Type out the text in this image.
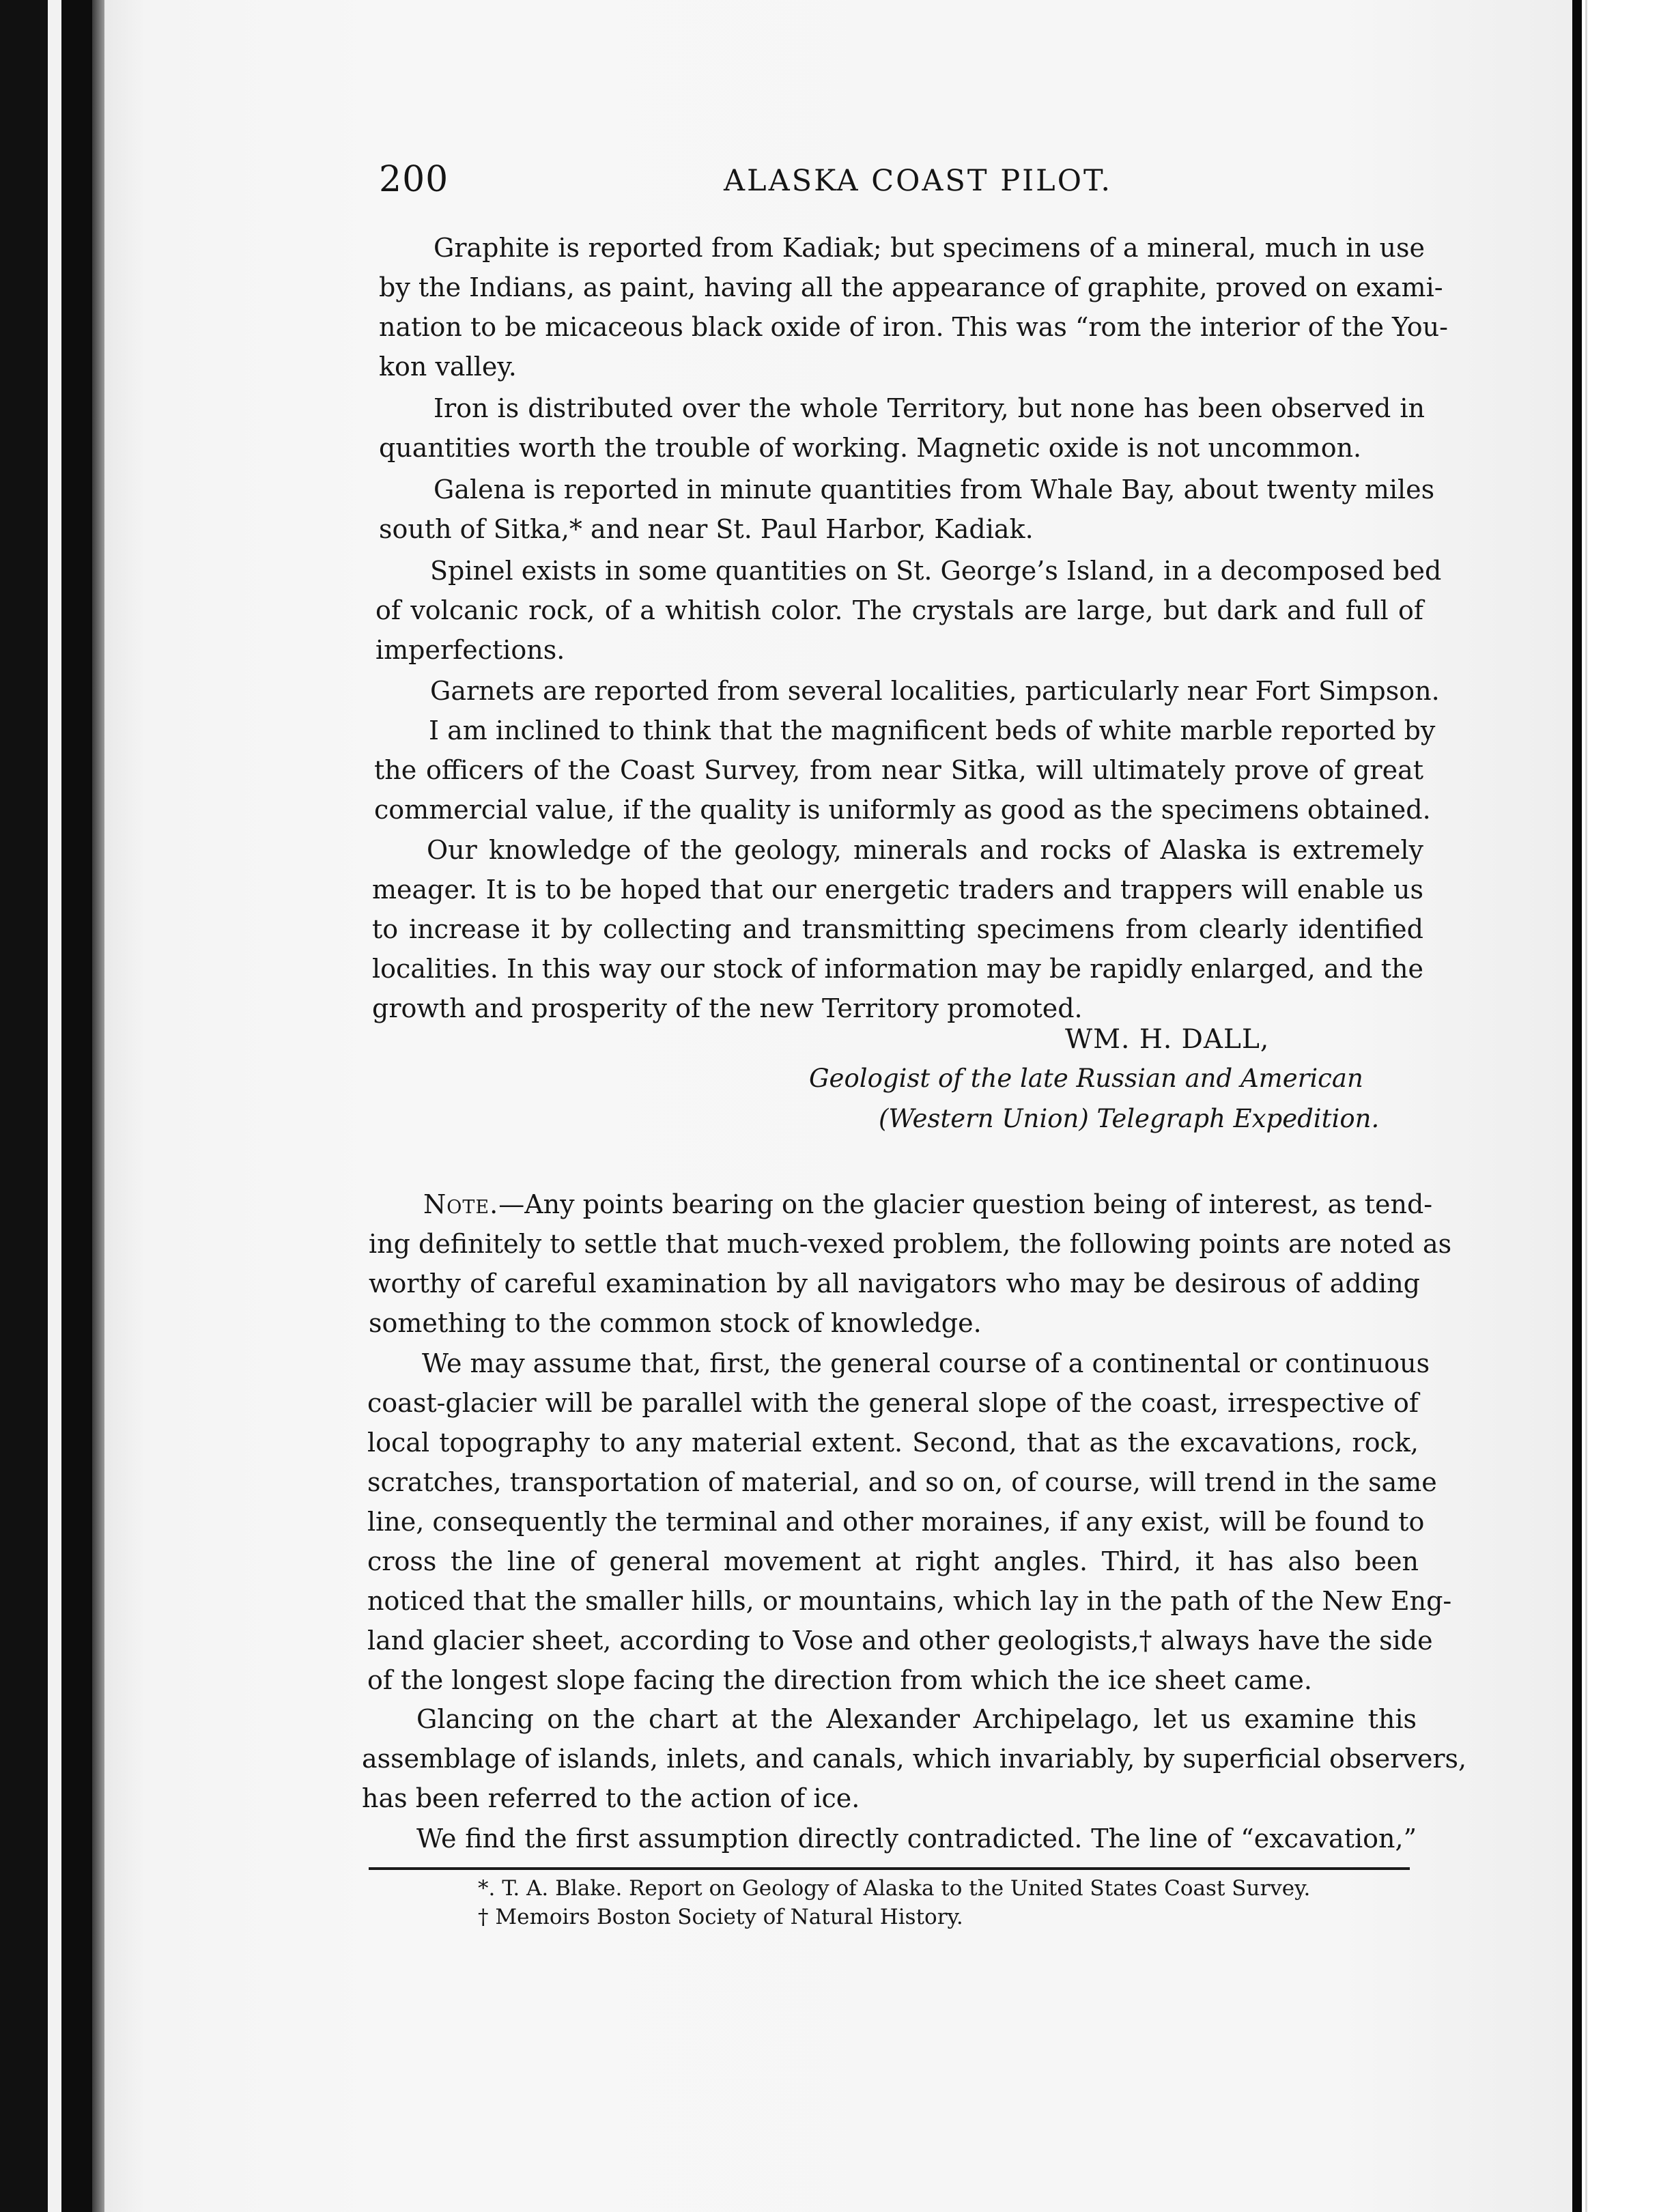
200	ALASKA COAST PILOT.
Graphite is reported from Kadiak; but specimens of a mineral, much in use
by the Indians, as paint, having all the appearance of graphite, proved on exami-
nation to be micaceous black oxide of iron. This was “rom the interior of the You-
kon valley.
Iron is distributed over the whole Territory, but none has been observed in
quantities worth the trouble of working. Magnetic oxide is not uncommon.
Galena is reported in minute quantities from Whale Bay, about twenty miles
south of Sitka,* and near St. Paul Harbor, Kadiak.
Spinel exists in some quantities on St. George’s Island, in a decomposed bed
of volcanic rock, of a whitish color. The crystals are large, but dark and full of
imperfections.
Garnets are reported from several localities, particularly near Fort Simpson.
I am inclined to think that the magnificent beds of white marble reported by
the officers of the Coast Survey, from near Sitka, will ultimately prove of great
commercial value, if the quality is uniformly as good as the specimens obtained.
Our knowledge of the geology, minerals and rocks of Alaska is extremely
meager. It is to be hoped that our energetic traders and trappers will enable us
to increase it by collecting and transmitting specimens from clearly identified
localities. In this way our stock of information may be rapidly enlarged, and the
growth and prosperity of the new Territory promoted.
WM. H. DALL,
Geologist of the late Russian and American
(Western Union) Telegraph Expedition.
Note.—Any points bearing on the glacier question being of interest, as tend-
ing definitely to settle that much-vexed problem, the following points are noted as
worthy of careful examination by all navigators who may be desirous of adding
something to the common stock of knowledge.
We may assume that, first, the general course of a continental or continuous
coast-glacier will be parallel with the general slope of the coast, irrespective of
local topography to any material extent. Second, that as the excavations, rock,
scratches, transportation of material, and so on, of course, will trend in the same
line, consequently the terminal and other moraines, if any exist, will be found to
cross the line of general movement at right angles. Third, it has also been
noticed that the smaller hills, or mountains, which lay in the path of the New Eng-
land glacier sheet, according to Vose and other geologists,† always have the side
of the longest slope facing the direction from which the ice sheet came.
Glancing on the chart at the Alexander Archipelago, let us examine this
assemblage of islands, inlets, and canals, which invariably, by superficial observers,
has been referred to the action of ice.
We find the first assumption directly contradicted. The line of “excavation,”
*. T. A. Blake. Report on Geology of Alaska to the United States Coast Survey.
† Memoirs Boston Society of Natural History.
